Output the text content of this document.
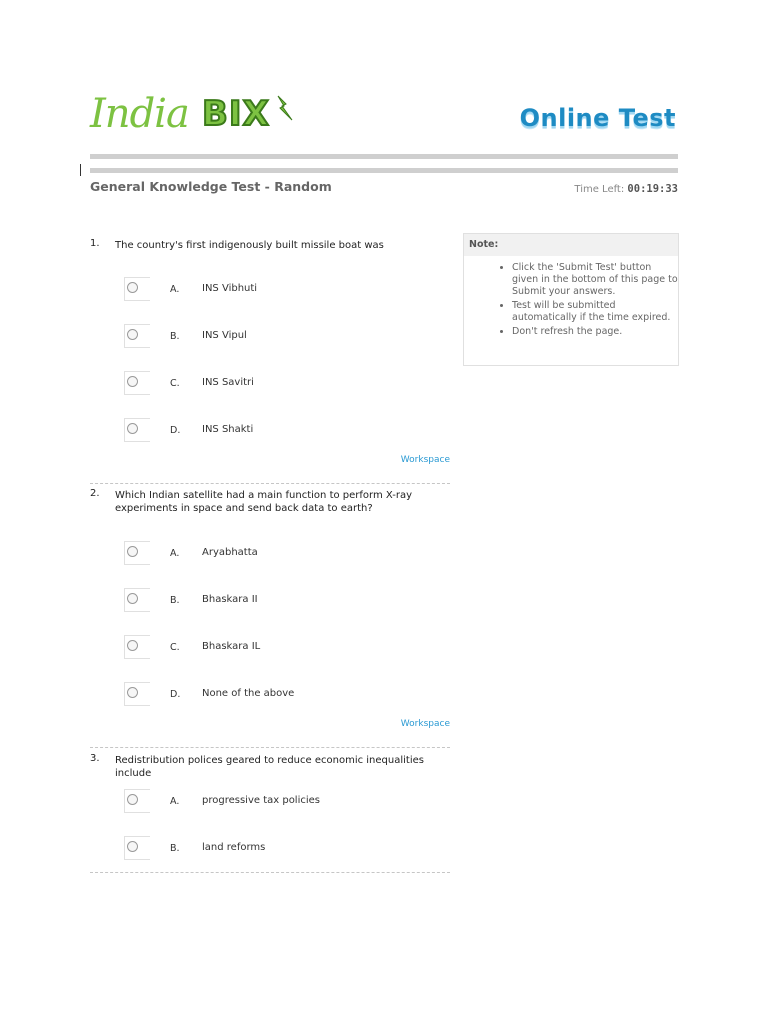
India BIX	Online Test
General Knowledge Test - Random	Time Left: 00:19:33
Note:
• Click the 'Submit Test' button given in the bottom of this page to Submit your answers.
• Test will be submitted automatically if the time expired.
• Don't refresh the page.
1. The country's first indigenously built missile boat was
A. INS Vibhuti
B. INS Vipul
C. INS Savitri
D. INS Shakti
Workspace
2. Which Indian satellite had a main function to perform X-ray experiments in space and send back data to earth?
A. Aryabhatta
B. Bhaskara II
C. Bhaskara IL
D. None of the above
Workspace
3. Redistribution polices geared to reduce economic inequalities include
A. progressive tax policies
B. land reforms
